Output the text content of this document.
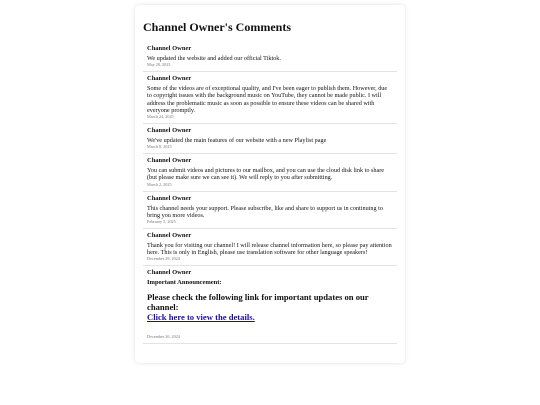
Channel Owner's Comments
Channel Owner

We updated the website and added our official Tiktok.

May 28, 2025
Channel Owner

Some of the videos are of exceptional quality, and I've been eager to publish them. However, due to copyright issues with the background music on YouTube, they cannot be made public. I will address the problematic music as soon as possible to ensure these videos can be shared with everyone promptly.

March 24, 2025
Channel Owner

We've updated the main features of our website with a new Playlist page

March 8, 2025
Channel Owner

You can submit videos and pictures to our mailbox, and you can use the cloud disk link to share (but please make sure we can see it). We will reply to you after submitting.

March 2, 2025
Channel Owner

This channel needs your support. Please subscribe, like and share to support us in continuing to bring you more videos.

February 5, 2025
Channel Owner

Thank you for visiting our channel! I will release channel information here, so please pay attention here. This is only in English, please use translation software for other language speakers!

December 29, 2024
Channel Owner
Important Announcement:
Please check the following link for important updates on our channel:
Click here to view the details.
December 26, 2024
